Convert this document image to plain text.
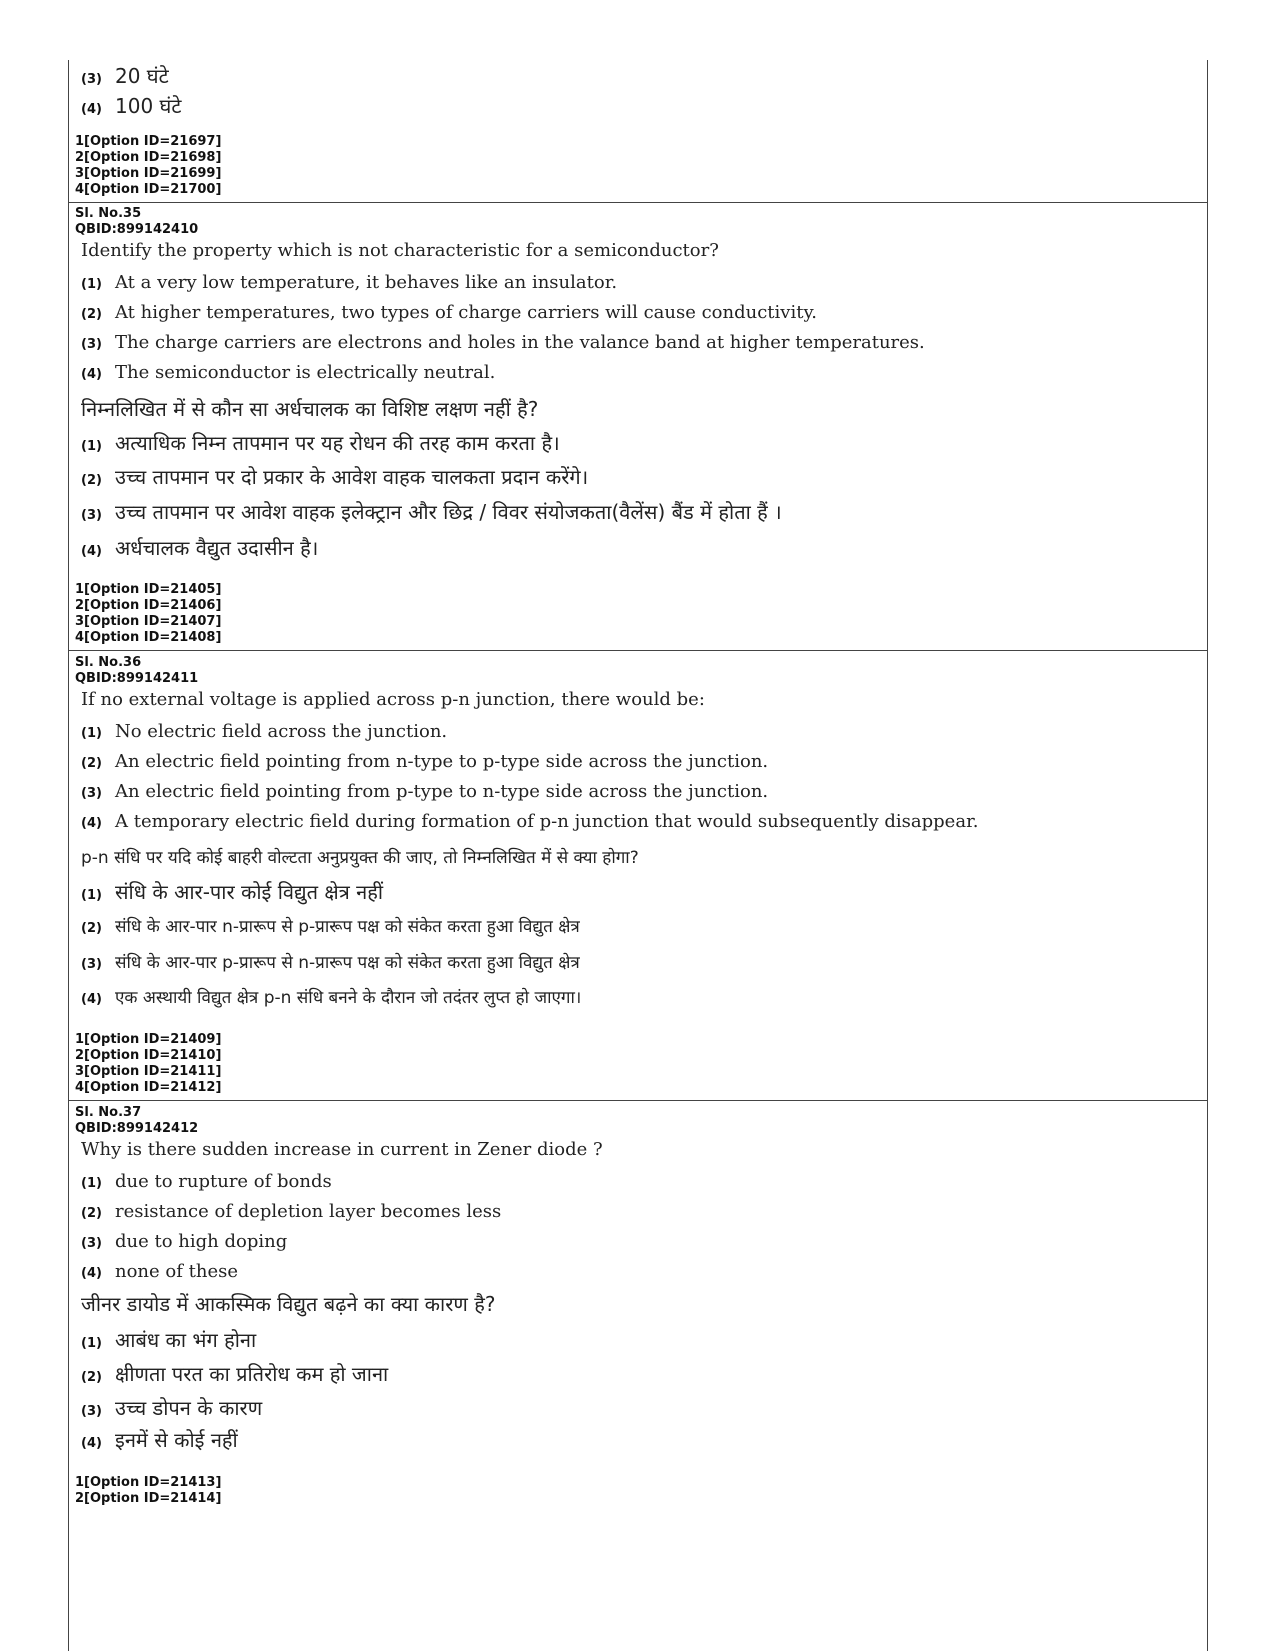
(3) 20 घंटे
(4) 100 घंटे
1[Option ID=21697]
2[Option ID=21698]
3[Option ID=21699]
4[Option ID=21700]
Sl. No.35
QBID:899142410
Identify the property which is not characteristic for a semiconductor?
(1) At a very low temperature, it behaves like an insulator.
(2) At higher temperatures, two types of charge carriers will cause conductivity.
(3) The charge carriers are electrons and holes in the valance band at higher temperatures.
(4) The semiconductor is electrically neutral.
निम्नलिखित में से कौन सा अर्धचालक का विशिष्ट लक्षण नहीं है?
(1) अत्याधिक निम्न तापमान पर यह रोधन की तरह काम करता है।
(2) उच्च तापमान पर दो प्रकार के आवेश वाहक चालकता प्रदान करेंगे।
(3) उच्च तापमान पर आवेश वाहक इलेक्ट्रान और छिद्र / विवर संयोजकता(वैलेंस) बैंड में होता हैं ।
(4) अर्धचालक वैद्युत उदासीन है।
1[Option ID=21405]
2[Option ID=21406]
3[Option ID=21407]
4[Option ID=21408]
Sl. No.36
QBID:899142411
If no external voltage is applied across p-n junction, there would be:
(1) No electric field across the junction.
(2) An electric field pointing from n-type to p-type side across the junction.
(3) An electric field pointing from p-type to n-type side across the junction.
(4) A temporary electric field during formation of p-n junction that would subsequently disappear.
p-n संधि पर यदि कोई बाहरी वोल्टता अनुप्रयुक्त की जाए, तो निम्नलिखित में से क्या होगा?
(1) संधि के आर-पार कोई विद्युत क्षेत्र नहीं
(2) संधि के आर-पार n-प्रारूप से p-प्रारूप पक्ष को संकेत करता हुआ विद्युत क्षेत्र
(3) संधि के आर-पार p-प्रारूप से n-प्रारूप पक्ष को संकेत करता हुआ विद्युत क्षेत्र
(4) एक अस्थायी विद्युत क्षेत्र p-n संधि बनने के दौरान जो तदंतर लुप्त हो जाएगा।
1[Option ID=21409]
2[Option ID=21410]
3[Option ID=21411]
4[Option ID=21412]
Sl. No.37
QBID:899142412
Why is there sudden increase in current in Zener diode ?
(1) due to rupture of bonds
(2) resistance of depletion layer becomes less
(3) due to high doping
(4) none of these
जीनर डायोड में आकस्मिक विद्युत बढ़ने का क्या कारण है?
(1) आबंध का भंग होना
(2) क्षीणता परत का प्रतिरोध कम हो जाना
(3) उच्च डोपन के कारण
(4) इनमें से कोई नहीं
1[Option ID=21413]
2[Option ID=21414]
